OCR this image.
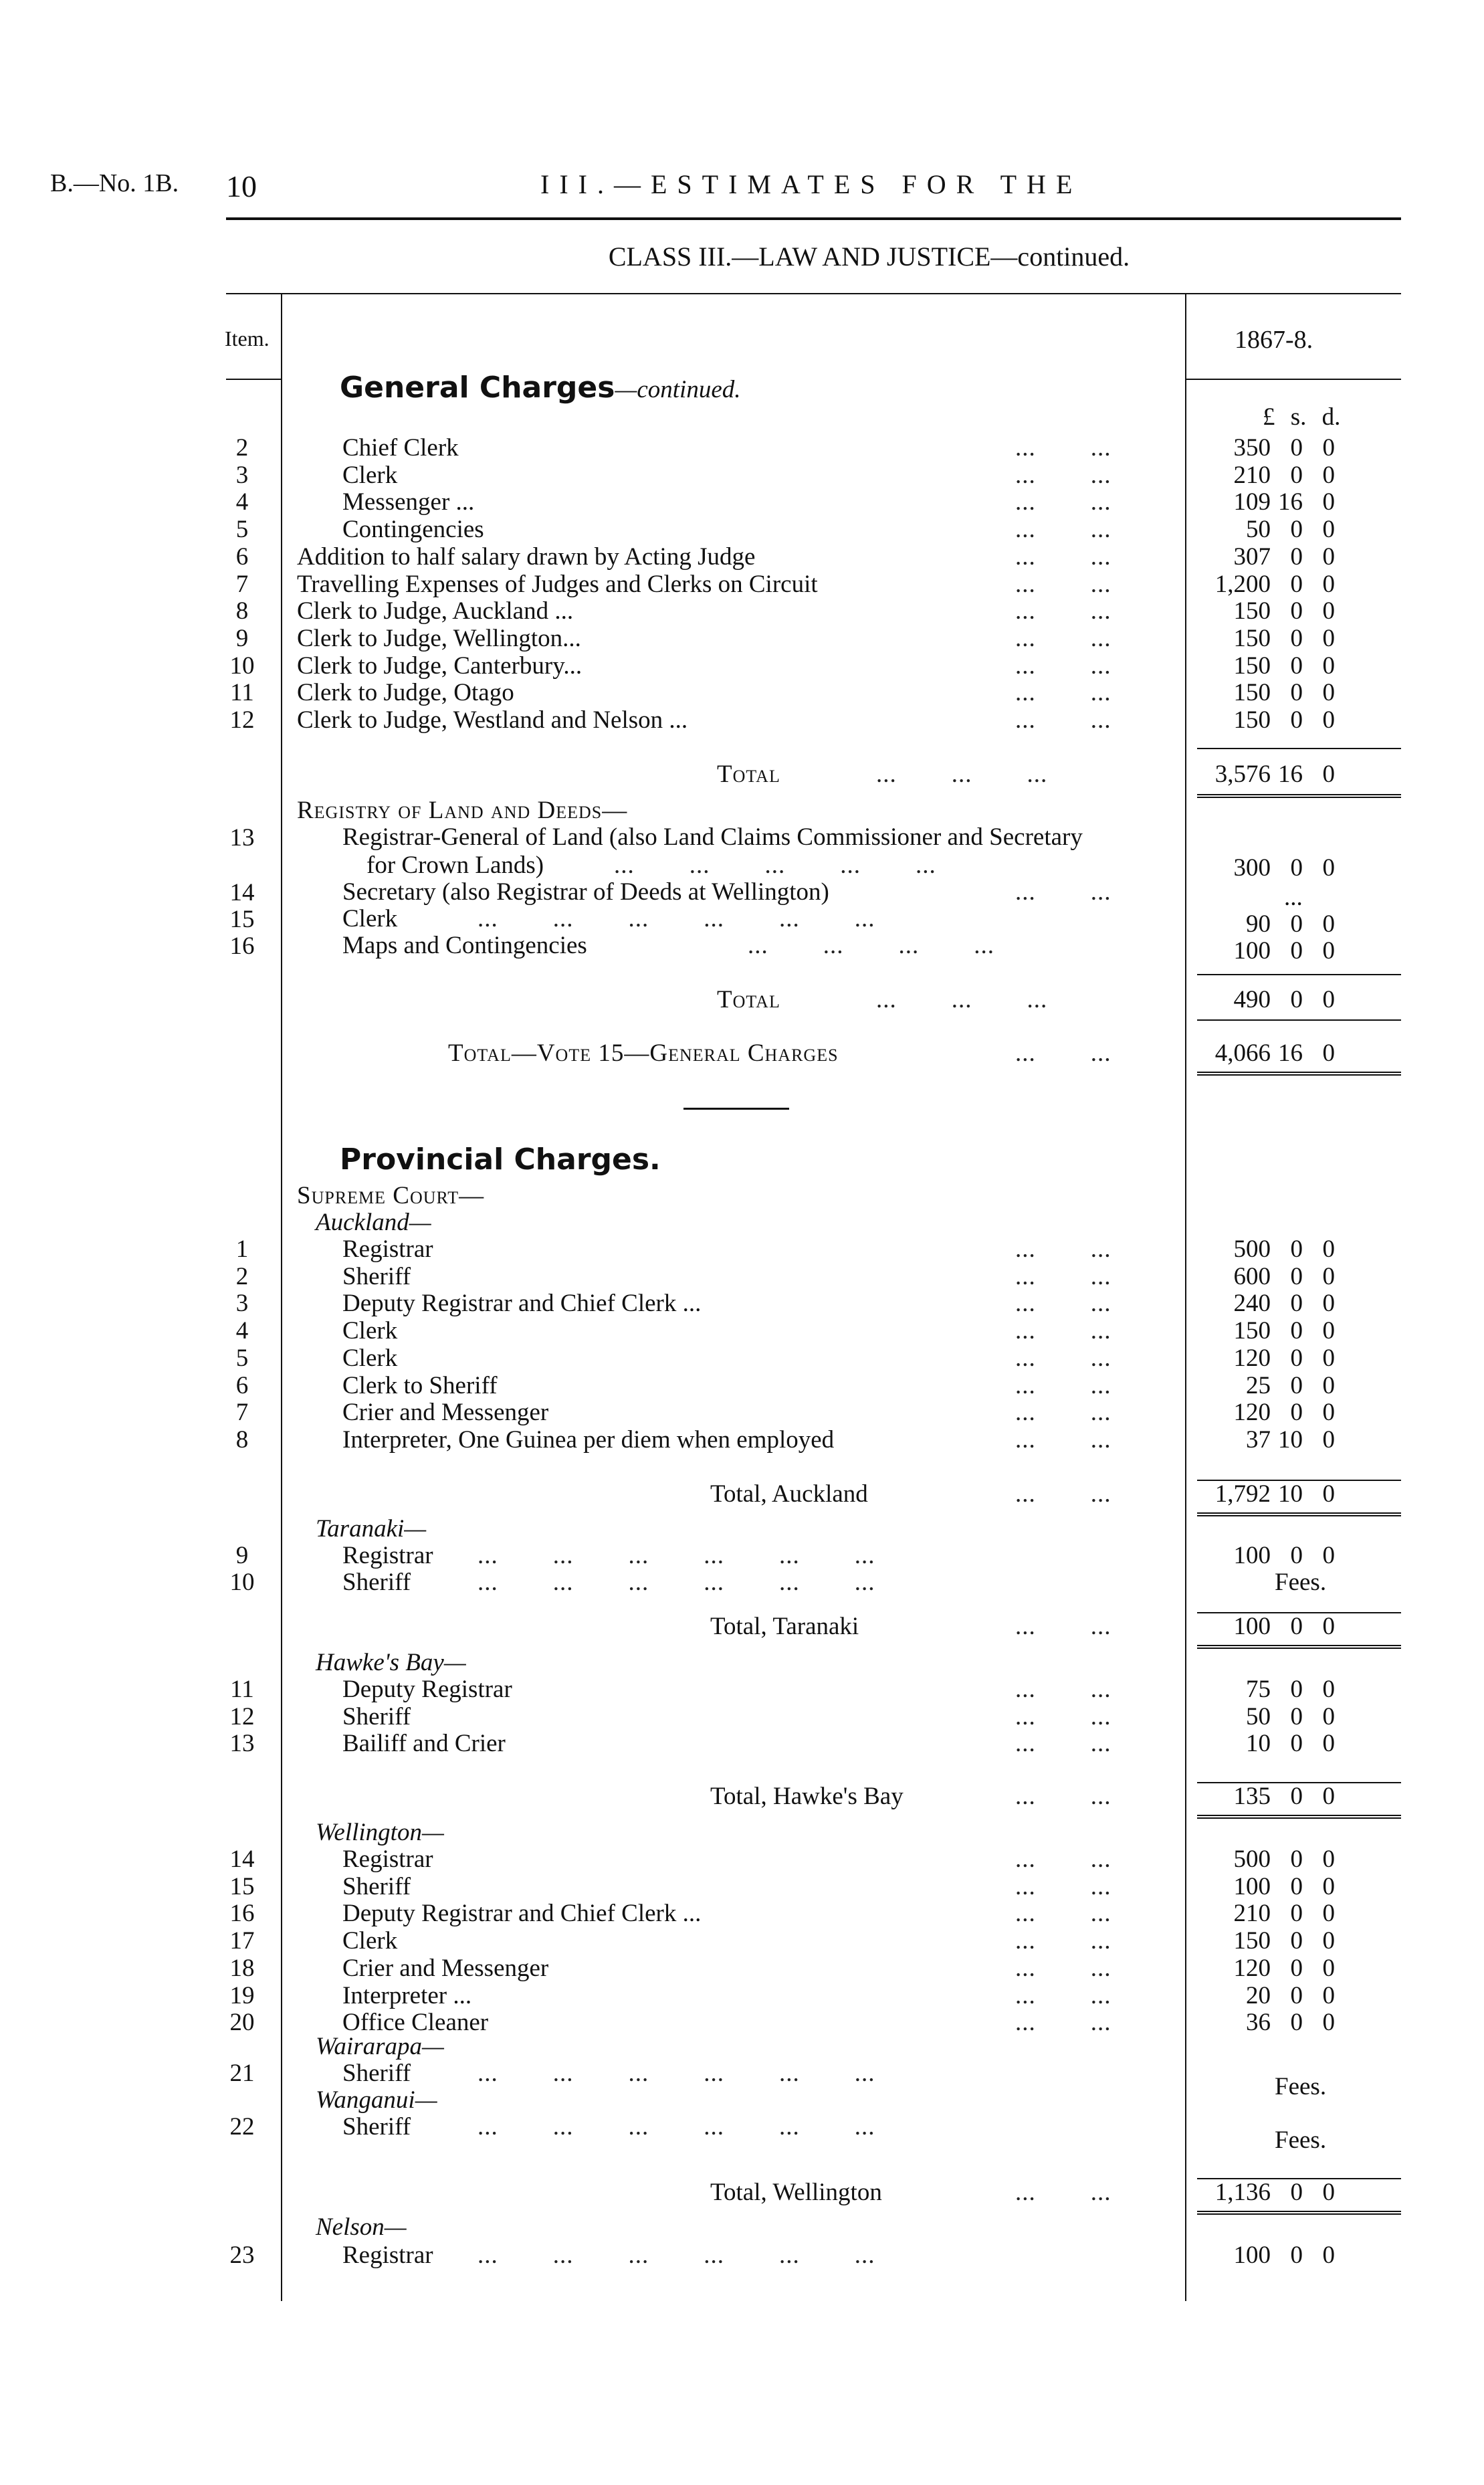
B.—No. 1B. 10	III.—ESTIMATES FOR THE
CLASS III.—LAW AND JUSTICE—continued.
Item.	1867-8.
General Charges—continued.
£ s. d.
2	Chief Clerk	...        ...	350 0 0
3	Clerk	...        ...	210 0 0
4	Messenger ...	...        ...	109 16 0
5	Contingencies	...        ...	50 0 0
6	Addition to half salary drawn by Acting Judge	...        ...	307 0 0
7	Travelling Expenses of Judges and Clerks on Circuit	...        ...	1,200 0 0
8	Clerk to Judge, Auckland ...	...        ...	150 0 0
9	Clerk to Judge, Wellington...	...        ...	150 0 0
10	Clerk to Judge, Canterbury...	...        ...	150 0 0
11	Clerk to Judge, Otago	...        ...	150 0 0
12	Clerk to Judge, Westland and Nelson ...	...        ...	150 0 0
Total	...        ...        ...	3,576 16 0
Registry of Land and Deeds—
13	Registrar-General of Land (also Land Claims Commissioner and Secretary
for Crown Lands)	...        ...        ...        ...        ...	300 0 0
14	Secretary (also Registrar of Deeds at Wellington)	...        ...	...
15	Clerk	...        ...        ...        ...        ...        ...	90 0 0
16	Maps and Contingencies	...        ...        ...        ...	100 0 0
Total	...        ...        ...	490 0 0
Total—Vote 15—General Charges	...        ...	4,066 16 0
Provincial Charges.
Supreme Court—
Auckland—
1	Registrar	...        ...	500 0 0
2	Sheriff	...        ...	600 0 0
3	Deputy Registrar and Chief Clerk ...	...        ...	240 0 0
4	Clerk	...        ...	150 0 0
5	Clerk	...        ...	120 0 0
6	Clerk to Sheriff	...        ...	25 0 0
7	Crier and Messenger	...        ...	120 0 0
8	Interpreter, One Guinea per diem when employed	...        ...	37 10 0
Total, Auckland	...        ...	1,792 10 0
Taranaki—
9	Registrar ...        ...        ...        ...        ...        ...	100 0 0
10	Sheriff	...        ...        ...        ...        ...        ...	Fees.
Total, Taranaki	...        ...	100 0 0
Hawke's Bay—
11	Deputy Registrar	...        ...	75 0 0
12	Sheriff	...        ...	50 0 0
13	Bailiff and Crier	...        ...	10 0 0
Total, Hawke's Bay	...        ...	135 0 0
Wellington—
14	Registrar	...        ...	500 0 0
15	Sheriff	...        ...	100 0 0
16	Deputy Registrar and Chief Clerk ...	...        ...	210 0 0
17	Clerk	...        ...	150 0 0
18	Crier and Messenger	...        ...	120 0 0
19	Interpreter ...	...        ...	20 0 0
20	Office Cleaner	...        ...	36 0 0
Wairarapa—
21	Sheriff	...        ...        ...        ...        ...        ...	Fees.
Wanganui—
22	Sheriff	...        ...        ...        ...        ...        ...	Fees.
Total, Wellington	...        ...	1,136 0 0
Nelson—
23	Registrar ...        ...        ...        ...        ...        ...	100 0 0
